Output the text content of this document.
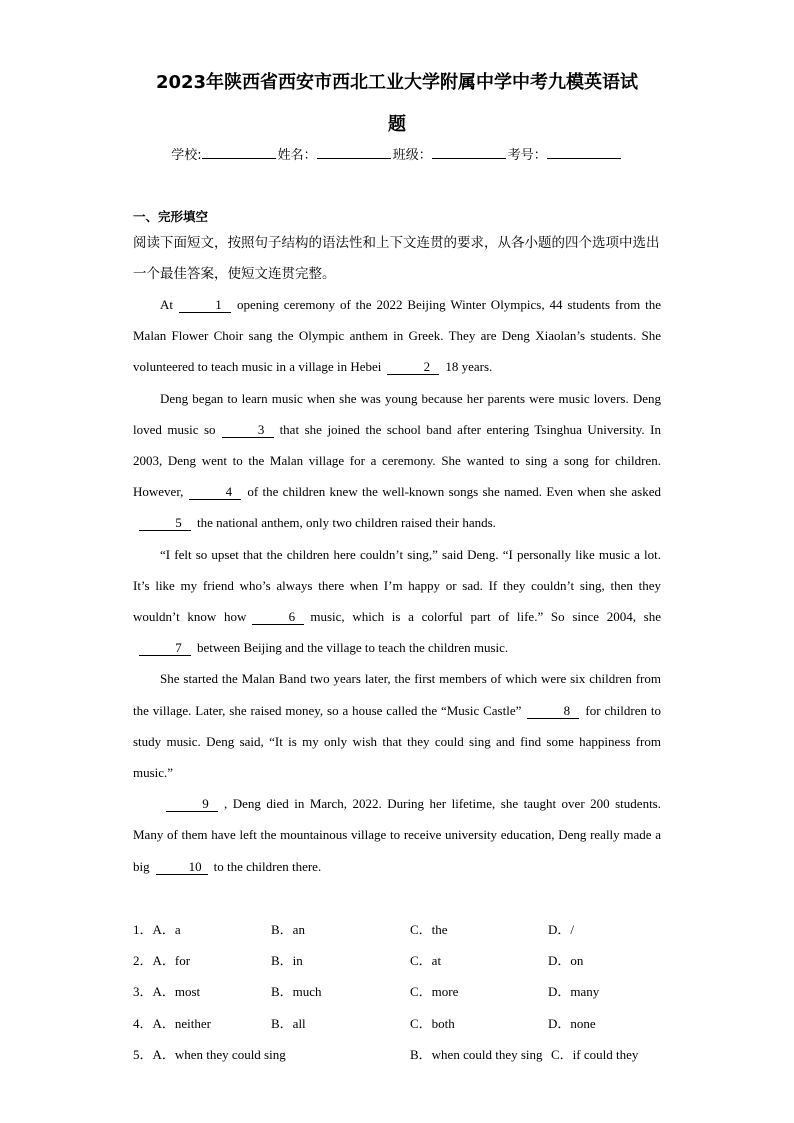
2023年陕西省西安市西北工业大学附属中学中考九模英语试
题
学校:	姓名：	班级：	考号：
一、完形填空
阅读下面短文，按照句子结构的语法性和上下文连贯的要求，从各小题的四个选项中选出一个最佳答案，使短文连贯完整。

At	1 opening ceremony of the 2022 Beijing Winter Olympics, 44 students from the Malan Flower Choir sang the Olympic anthem in Greek. They are Deng Xiaolan’s students. She volunteered to teach music in a village in Hebei	2 18 years.

Deng began to learn music when she was young because her parents were music lovers. Deng loved music so	3 that she joined the school band after entering Tsinghua University. In 2003, Deng went to the Malan village for a ceremony. She wanted to sing a song for children. However,	4 of the children knew the well-known songs she named. Even when she asked5 the national anthem, only two children raised their hands.

“I felt so upset that the children here couldn’t sing,” said Deng. “I personally like music a lot. It’s like my friend who’s always there when I’m happy or sad. If they couldn’t sing, then they wouldn’t know how	6 music, which is a colorful part of life.” So since 2004, she7 between Beijing and the village to teach the children music.

She started the Malan Band two years later, the first members of which were six children from the village. Later, she raised money, so a house called the “Music Castle”	8 for children to study music. Deng said, “It is my only wish that they could sing and find some happiness from music.”

9 , Deng died in March, 2022. During her lifetime, she taught over 200 students. Many of them have left the mountainous village to receive university education, Deng really made a big	10 to the children there.

1．A．a	B．an	C．the	D．/
2．A．for	B．in	C．at	D．on
3．A．most	B．much	C．more	D．many
4．A．neither	B．all	C．both	D．none
5．A．when they could sing	B．when could they sing C．if could they
